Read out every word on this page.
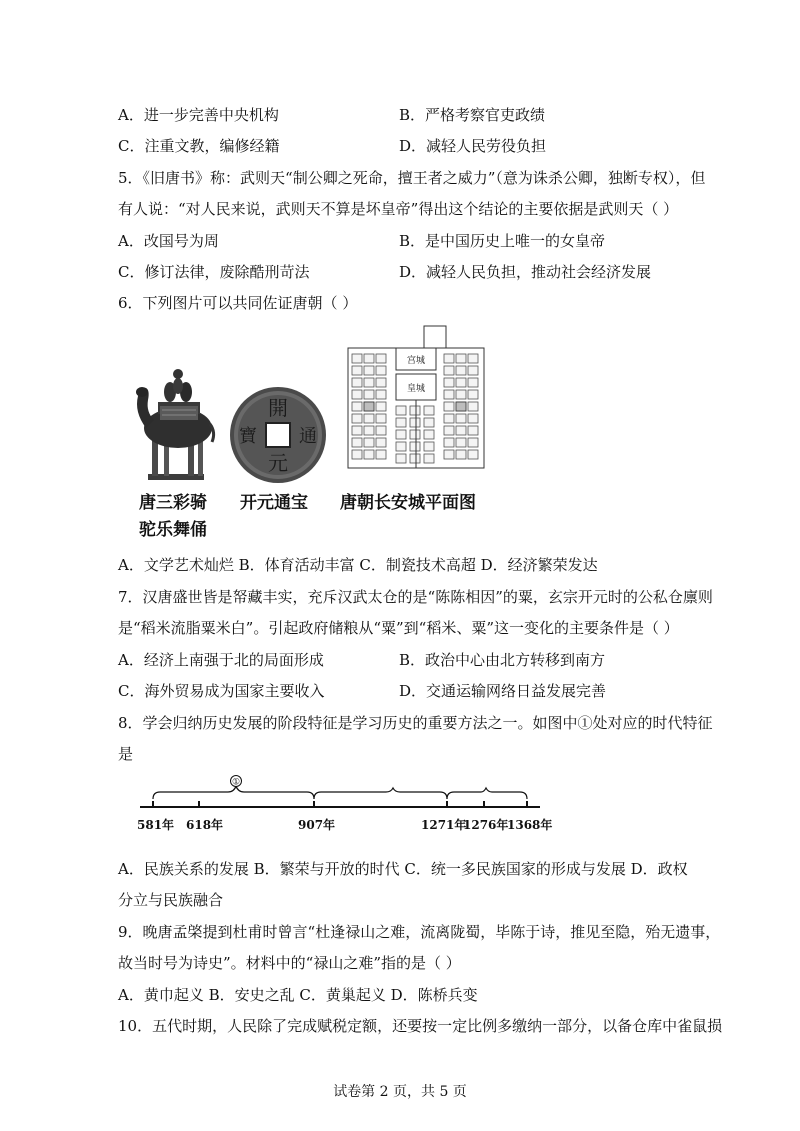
A．进一步完善中央机构	B．严格考察官吏政绩
C．注重文教，编修经籍	D．减轻人民劳役负担
5．《旧唐书》称：武则天“制公卿之死命，擅王者之威力”（意为诛杀公卿，独断专权），但
有人说：“对人民来说，武则天不算是坏皇帝”得出这个结论的主要依据是武则天（ ）
A．改国号为周	B．是中国历史上唯一的女皇帝
C．修订法律，废除酷刑苛法	D．减轻人民负担，推动社会经济发展
6．下列图片可以共同佐证唐朝（ ）
唐三彩骑
驼乐舞俑
開
通
元
寶
开元通宝
宫城
皇城
唐朝长安城平面图
A．文学艺术灿烂 B．体育活动丰富 C．制瓷技术高超 D．经济繁荣发达
7．汉唐盛世皆是帑藏丰实，充斥汉武太仓的是“陈陈相因”的粟，玄宗开元时的公私仓廪则
是“稻米流脂粟米白”。引起政府储粮从“粟”到“稻米、粟”这一变化的主要条件是（ ）
A．经济上南强于北的局面形成	B．政治中心由北方转移到南方
C．海外贸易成为国家主要收入	D．交通运输网络日益发展完善
8．学会归纳历史发展的阶段特征是学习历史的重要方法之一。如图中①处对应的时代特征
是
①
581年 618年	907年	1271年
1276年
1368年
A．民族关系的发展 B．繁荣与开放的时代 C．统一多民族国家的形成与发展 D．政权
分立与民族融合
9．晚唐孟棨提到杜甫时曾言“杜逢禄山之难，流离陇蜀，毕陈于诗，推见至隐，殆无遗事，
故当时号为诗史”。材料中的“禄山之难”指的是（ ）
A．黄巾起义 B．安史之乱 C．黄巢起义 D．陈桥兵变
10．五代时期，人民除了完成赋税定额，还要按一定比例多缴纳一部分，以备仓库中雀鼠损
试卷第 2 页，共 5 页
